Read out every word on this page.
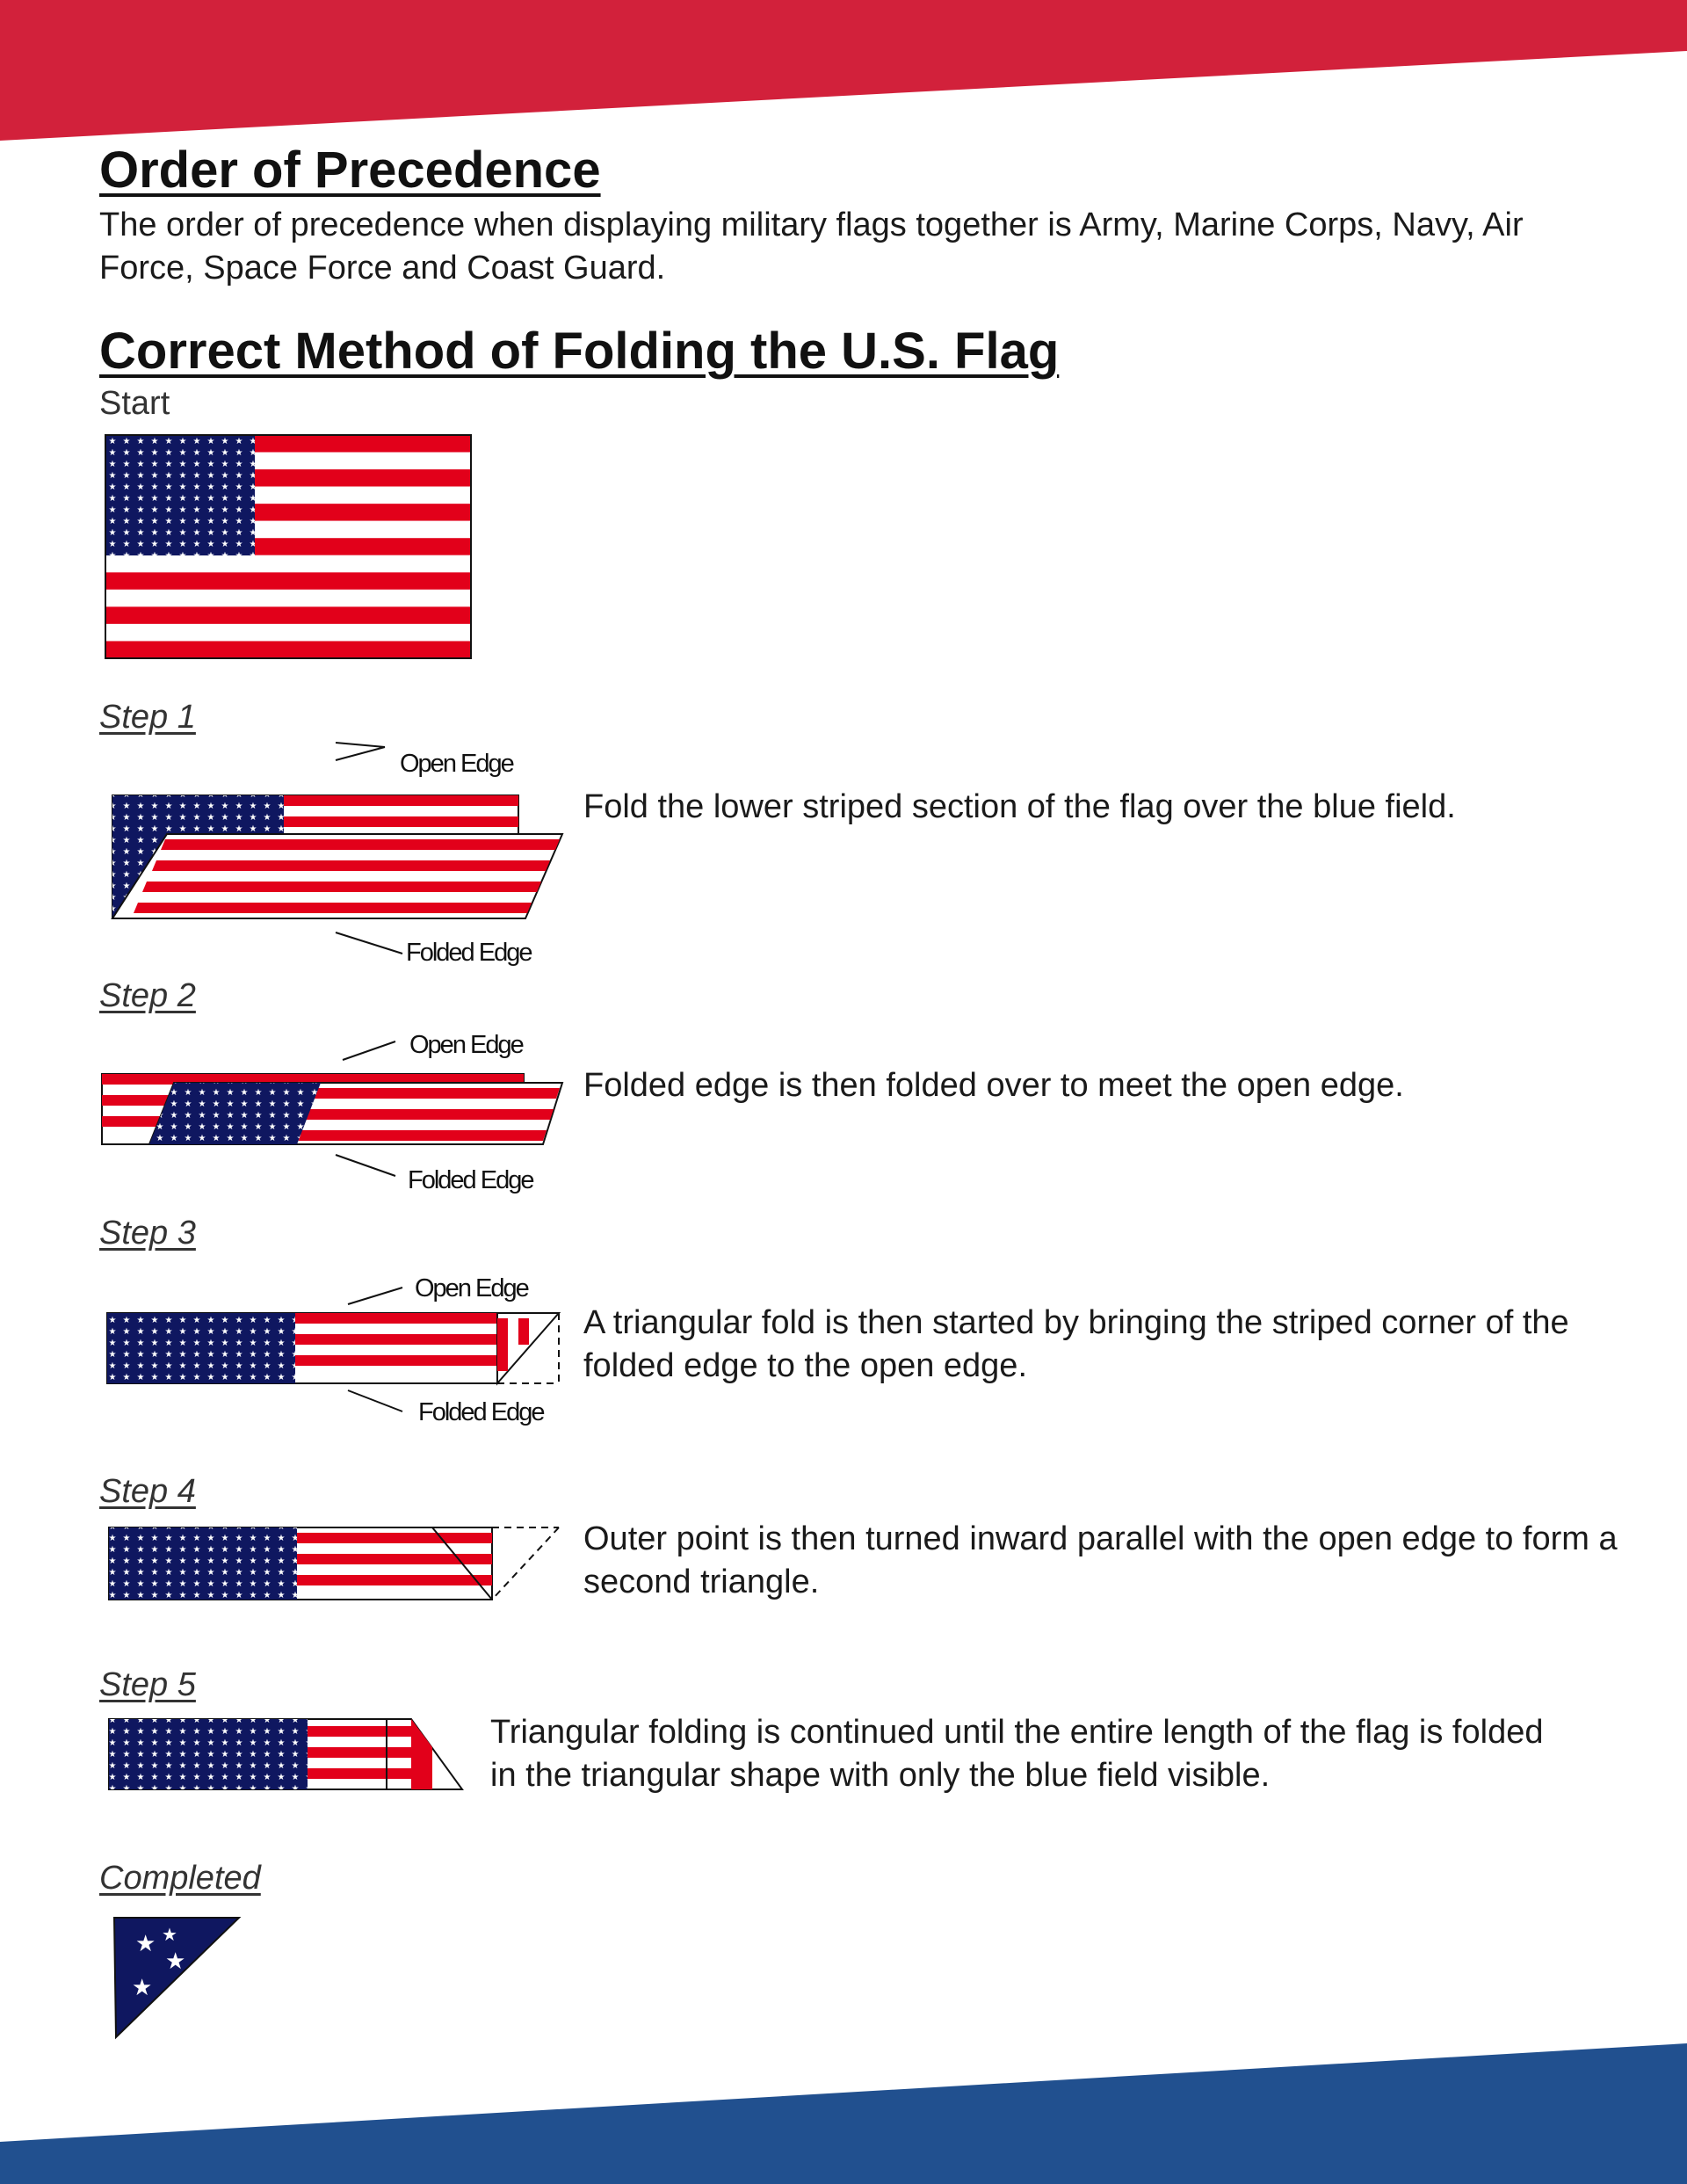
Order of Precedence

The order of precedence when displaying military flags together is Army, Marine Corps, Navy, Air Force, Space Force and Coast Guard.

Correct Method of Folding the U.S. Flag
Start
Step 1
Open Edge
Folded Edge
Fold the lower striped section of the flag over the blue field.
Step 2
Open Edge
Folded Edge
Folded edge is then folded over to meet the open edge.
Step 3
Open Edge
Folded Edge
A triangular fold is then started by bringing the striped corner of the folded edge to the open edge.
Step 4
Outer point is then turned inward parallel with the open edge to form a second triangle.
Step 5
Triangular folding is continued until the entire length of the flag is folded in the triangular shape with only the blue field visible.
Completed
★
★
★
★
